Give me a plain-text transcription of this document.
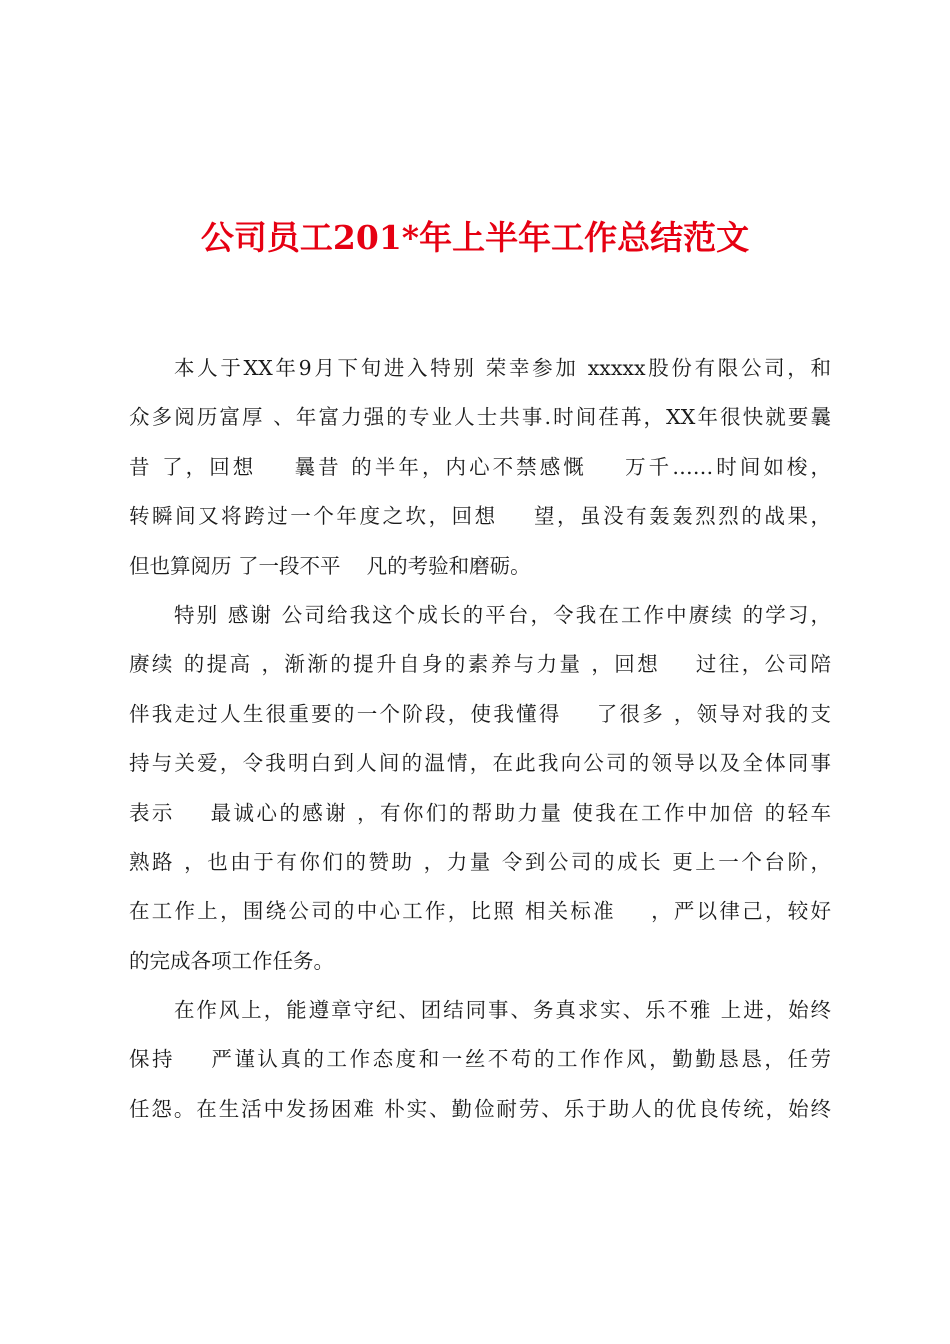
公司员工201*年上半年工作总结范文
本人于XX年9月下旬进入特别 荣幸参加 xxxxx股份有限公司，和
众多阅历富厚 、年富力强的专业人士共事.时间荏苒，XX年很快就要曩
昔 了，回想    曩昔 的半年，内心不禁感慨    万千……时间如梭，
转瞬间又将跨过一个年度之坎，回想    望，虽没有轰轰烈烈的战果，
但也算阅历 了一段不平    凡的考验和磨砺。
特别 感谢 公司给我这个成长的平台，令我在工作中赓续 的学习，
赓续 的提高 ，渐渐的提升自身的素养与力量 ，回想    过往，公司陪
伴我走过人生很重要的一个阶段，使我懂得    了很多 ，领导对我的支
持与关爱，令我明白到人间的温情，在此我向公司的领导以及全体同事
表示    最诚心的感谢 ，有你们的帮助力量 使我在工作中加倍 的轻车
熟路 ，也由于有你们的赞助 ，力量 令到公司的成长 更上一个台阶，
在工作上，围绕公司的中心工作，比照 相关标准    ，严以律己，较好
的完成各项工作任务。
在作风上，能遵章守纪、团结同事、务真求实、乐不雅 上进，始终
保持    严谨认真的工作态度和一丝不苟的工作作风，勤勤恳恳，任劳
任怨。在生活中发扬困难 朴实、勤俭耐劳、乐于助人的优良传统，始终
